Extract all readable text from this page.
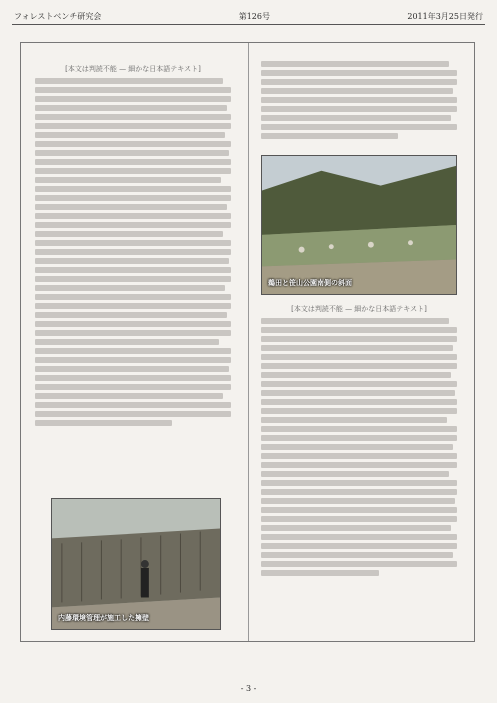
フォレストベンチ研究会	第126号	2011年3月25日発行
[本文は判読不能 — 細かな日本語テキスト]
内藤環境管理が施工した擁壁
鵜田と笹山公園南側の斜面
[本文は判読不能 — 細かな日本語テキスト]
- 3 -
